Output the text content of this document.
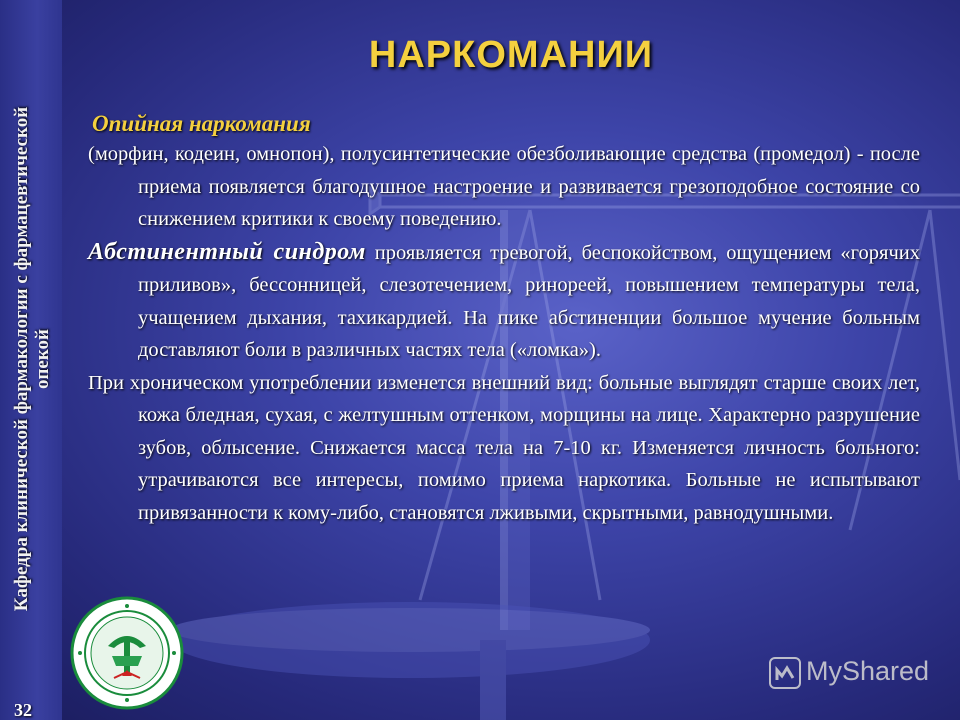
Кафедра клинической фармакологии с фармацевтической
опекой
32
НАРКОМАНИИ
Опийная наркомания

(морфин, кодеин, омнопон), полусинтетические обезболивающие средства (промедол) - после приема появляется благодушное настроение и развивается грезоподобное состояние со снижением критики к своему поведению.

Абстинентный синдром проявляется тревогой, беспокойством, ощущением «горячих приливов», бессонницей, слезотечением, ринореей, повышением температуры тела, учащением дыхания, тахикардией. На пике абстиненции большое мучение больным доставляют боли в различных частях тела («ломка»).

При хроническом употреблении изменется внешний вид: больные выглядят старше своих лет, кожа бледная, сухая, с желтушным оттенком, морщины на лице. Характерно разрушение зубов, облысение. Снижается масса тела на 7-10 кг. Изменяется личность больного: утрачиваются все интересы, помимо приема наркотика. Больные не испытывают привязанности к кому-либо, становятся лживыми, скрытными, равнодушными.

MyShared
